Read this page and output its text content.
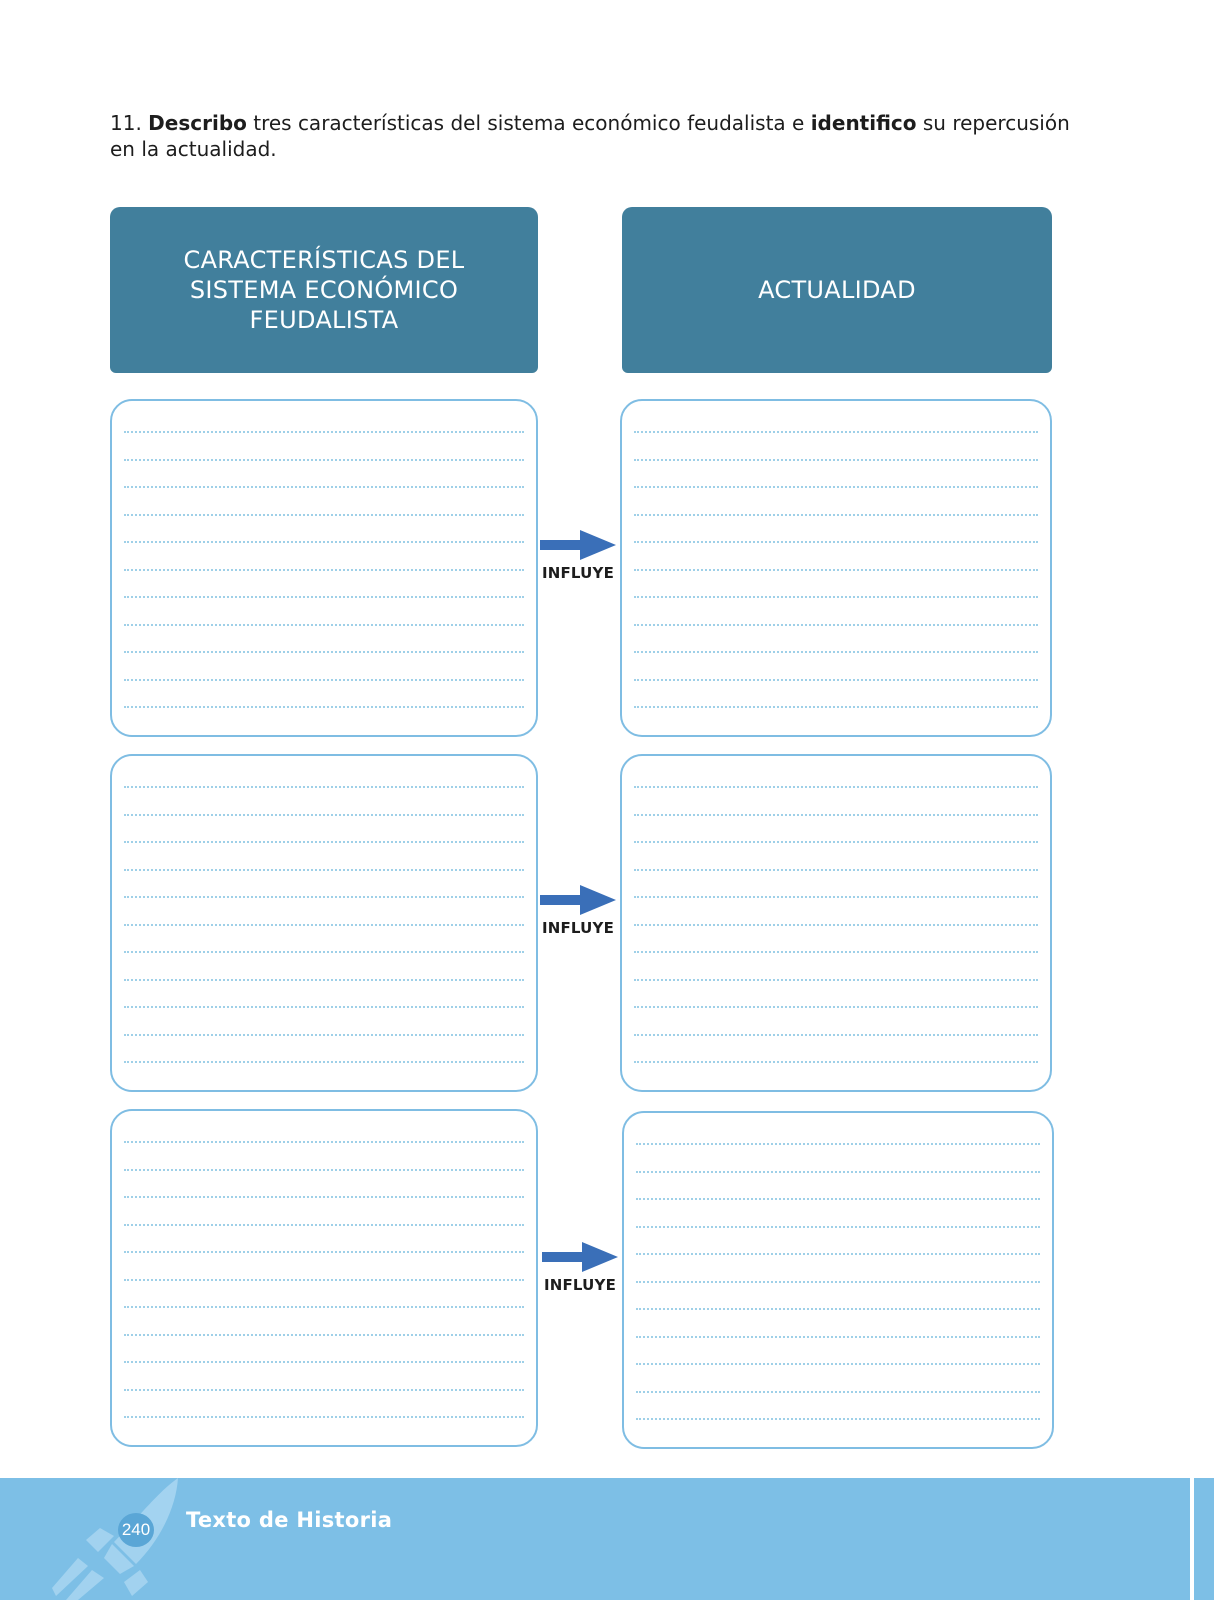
11. Describo tres características del sistema económico feudalista e identifico su repercusión en la actualidad.

CARACTERÍSTICAS DEL
SISTEMA ECONÓMICO
FEUDALISTA
ACTUALIDAD
INFLUYE
INFLUYE
INFLUYE
240 Texto de Historia
